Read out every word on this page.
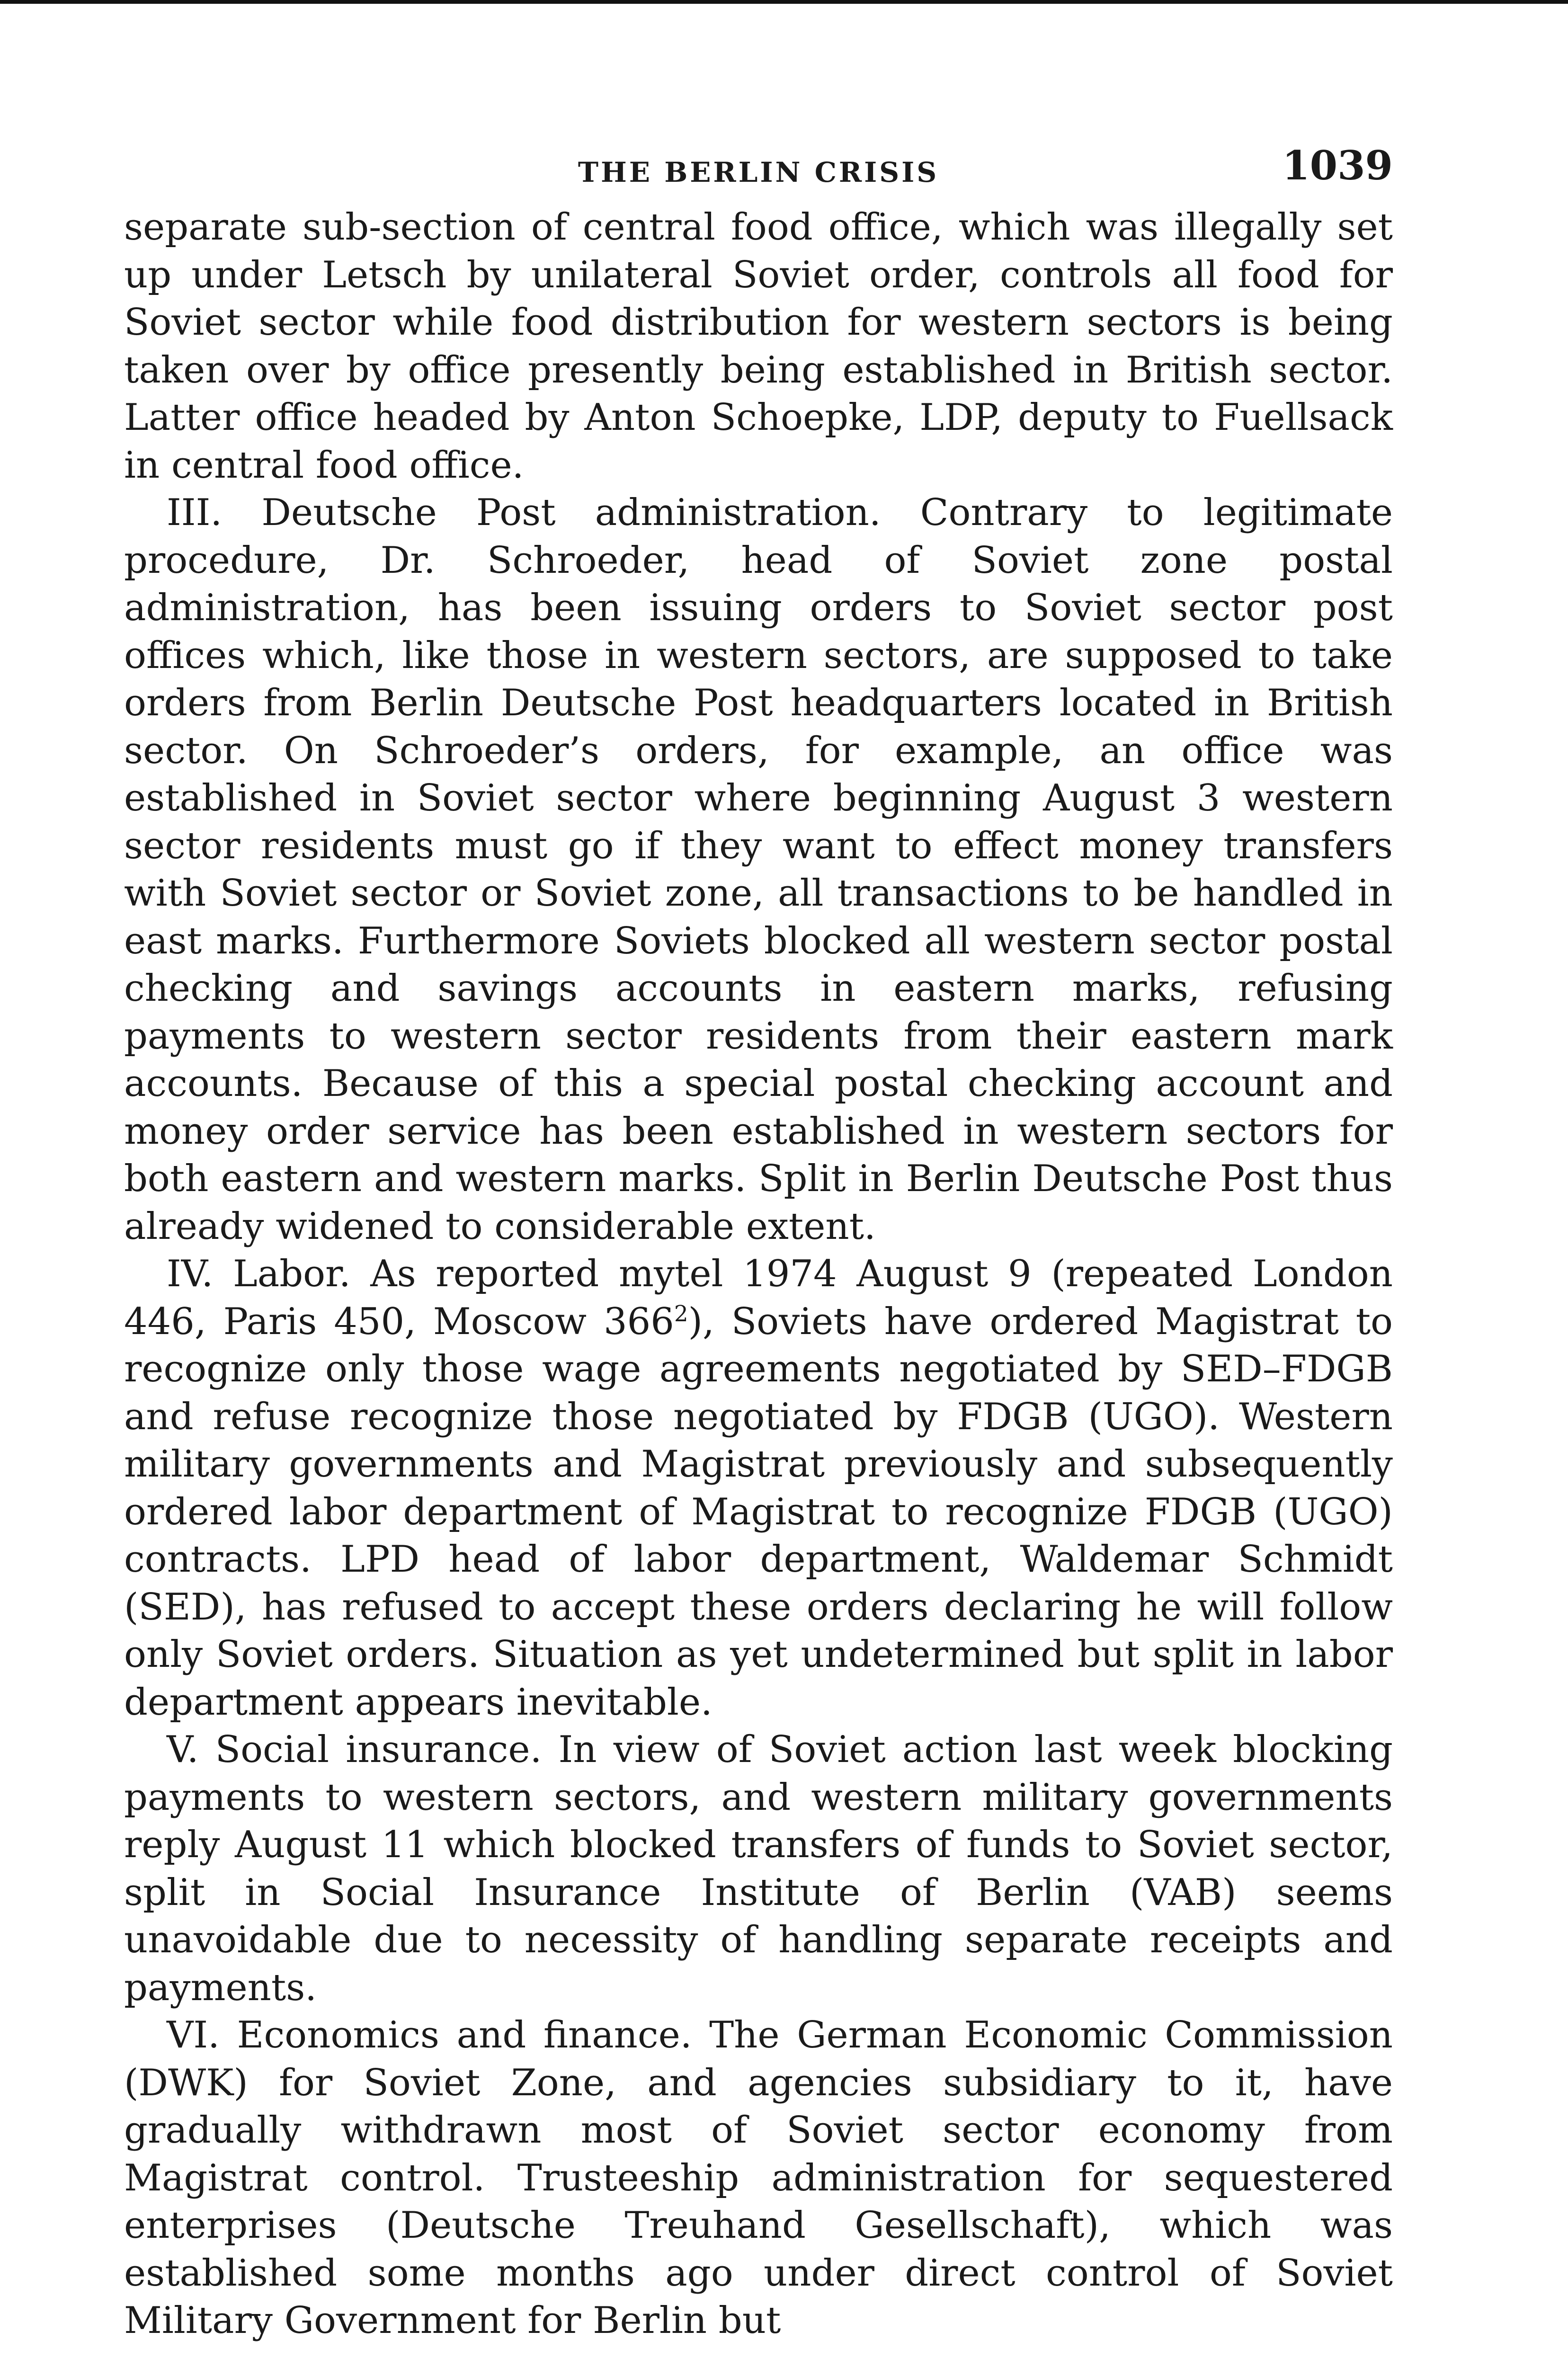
THE BERLIN CRISIS	1039

separate sub-section of central food office, which was illegally set up under Letsch by unilateral Soviet order, controls all food for Soviet sector while food distribution for western sectors is being taken over by office presently being established in British sector. Latter office headed by Anton Schoepke, LDP, deputy to Fuellsack in central food office.

III. Deutsche Post administration. Contrary to legitimate procedure, Dr. Schroeder, head of Soviet zone postal administration, has been issuing orders to Soviet sector post offices which, like those in western sectors, are supposed to take orders from Berlin Deutsche Post headquarters located in British sector. On Schroeder’s orders, for example, an office was established in Soviet sector where beginning August 3 western sector residents must go if they want to effect money transfers with Soviet sector or Soviet zone, all transactions to be handled in east marks. Furthermore Soviets blocked all western sector postal checking and savings accounts in eastern marks, refusing payments to western sector residents from their eastern mark accounts. Because of this a special postal checking account and money order service has been established in western sectors for both eastern and western marks. Split in Berlin Deutsche Post thus already widened to considerable extent.

IV. Labor. As reported mytel 1974 August 9 (repeated London 446, Paris 450, Moscow $366^2$), Soviets have ordered Magistrat to recognize only those wage agreements negotiated by SED–FDGB and refuse recognize those negotiated by FDGB (UGO). Western military governments and Magistrat previously and subsequently ordered labor department of Magistrat to recognize FDGB (UGO) contracts. LPD head of labor department, Waldemar Schmidt (SED), has refused to accept these orders declaring he will follow only Soviet orders. Situation as yet undetermined but split in labor department appears inevitable.

V. Social insurance. In view of Soviet action last week blocking payments to western sectors, and western military governments reply August 11 which blocked transfers of funds to Soviet sector, split in Social Insurance Institute of Berlin (VAB) seems unavoidable due to necessity of handling separate receipts and payments.

VI. Economics and finance. The German Economic Commission (DWK) for Soviet Zone, and agencies subsidiary to it, have gradually withdrawn most of Soviet sector economy from Magistrat control. Trusteeship administration for sequestered enterprises (Deutsche Treuhand Gesellschaft), which was established some months ago under direct control of Soviet Military Government for Berlin but
